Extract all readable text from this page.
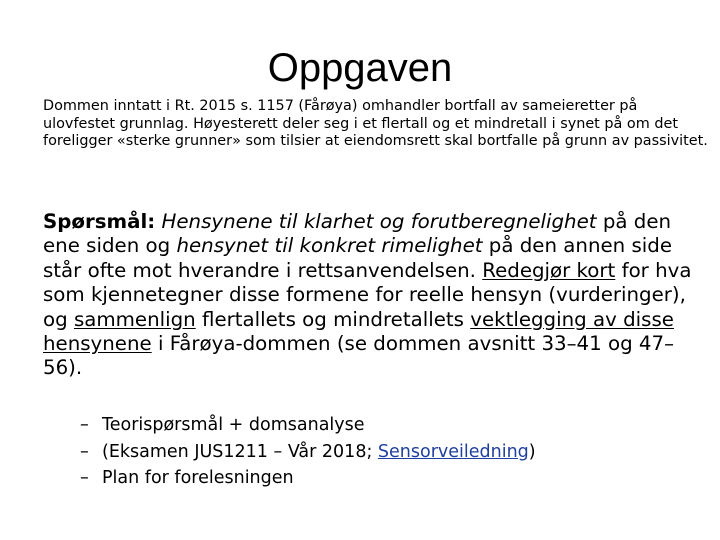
Oppgaven
Dommen inntatt i Rt. 2015 s. 1157 (Fårøya) omhandler bortfall av sameieretter på ulovfestet grunnlag. Høyesterett deler seg i et flertall og et mindretall i synet på om det foreligger «sterke grunner» som tilsier at eiendomsrett skal bortfalle på grunn av passivitet.
Spørsmål: Hensynene til klarhet og forutberegnelighet på den ene siden og hensynet til konkret rimelighet på den annen side står ofte mot hverandre i rettsanvendelsen. Redegjør kort for hva som kjennetegner disse formene for reelle hensyn (vurderinger), og sammenlign flertallets og mindretallets vektlegging av disse hensynene i Fårøya-dommen (se dommen avsnitt 33–41 og 47–56).
– Teorispørsmål + domsanalyse
– (Eksamen JUS1211 – Vår 2018; Sensorveiledning)
– Plan for forelesningen
